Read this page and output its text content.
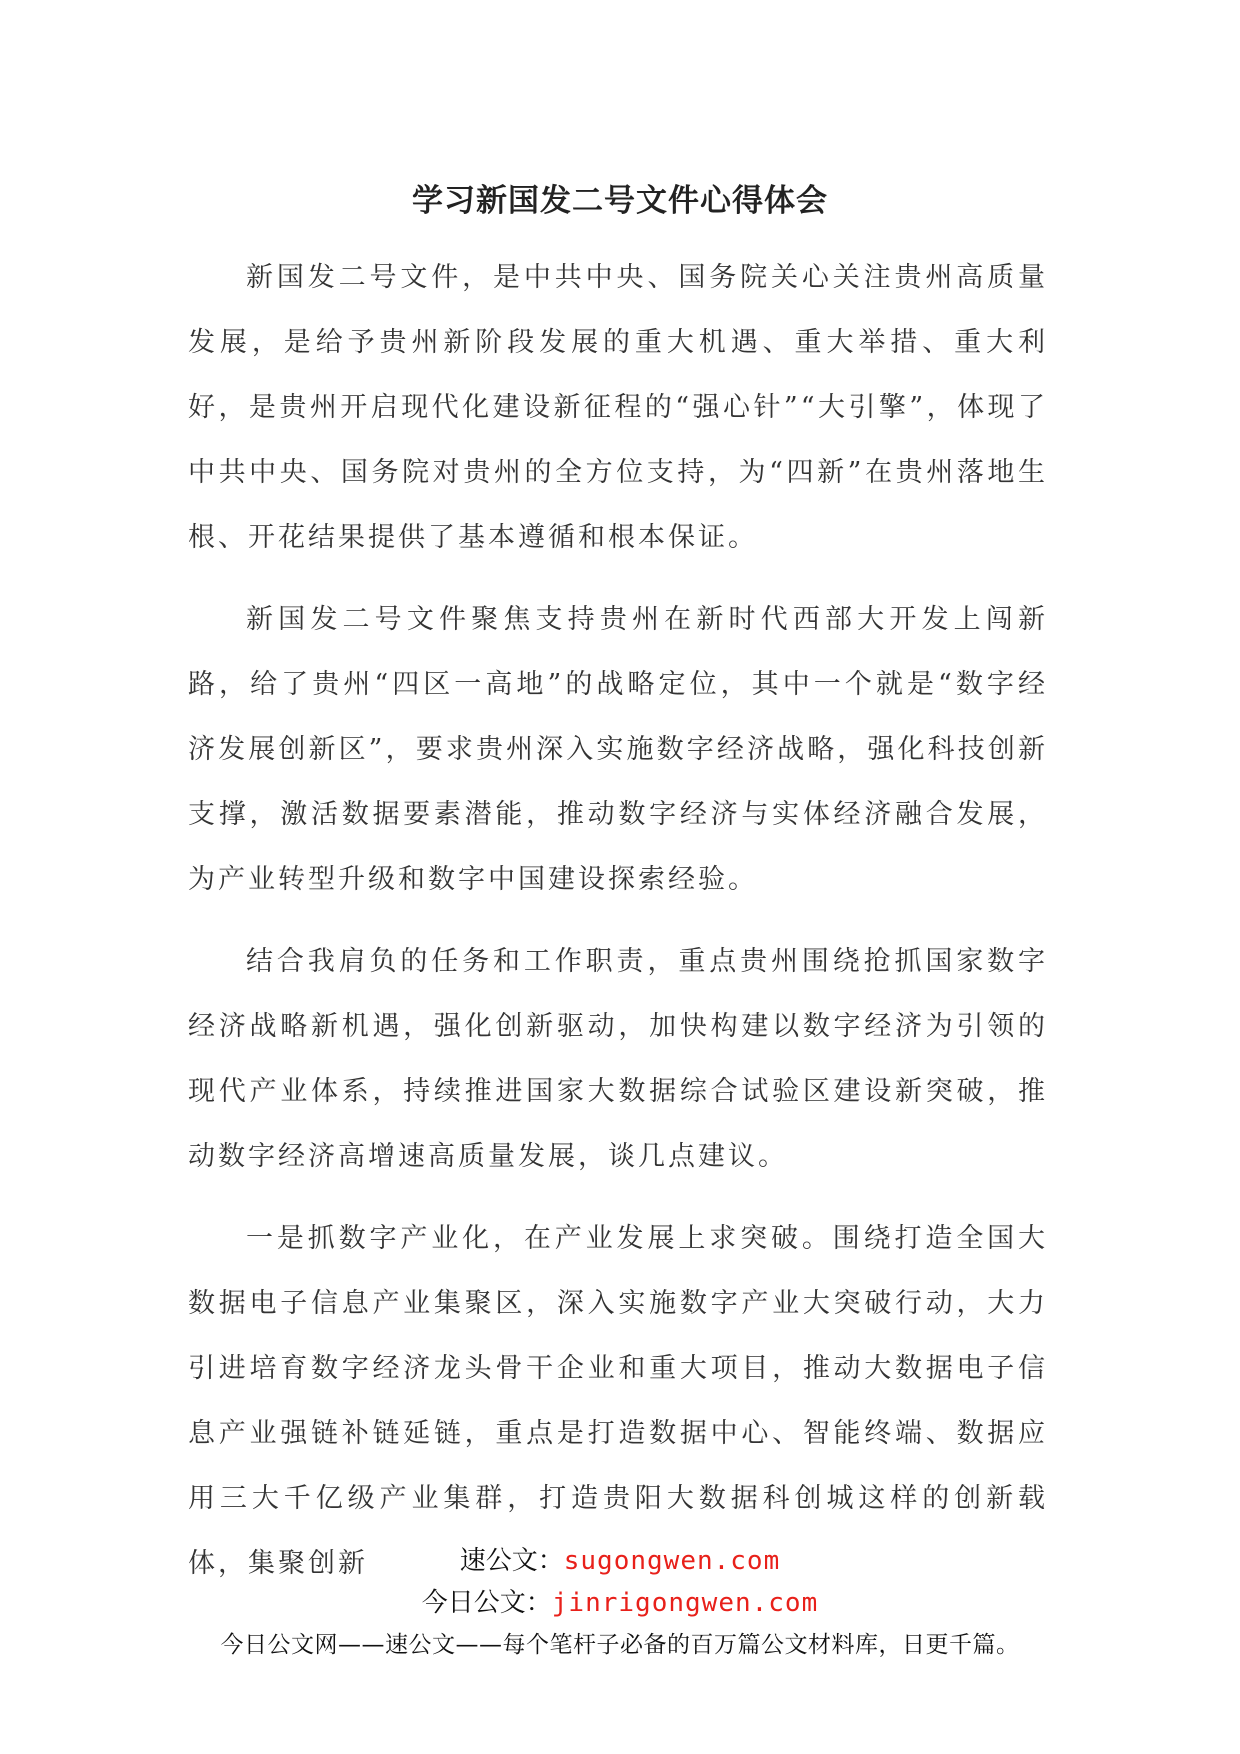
学习新国发二号文件心得体会

新国发二号文件，是中共中央、国务院关心关注贵州高质量发展，是给予贵州新阶段发展的重大机遇、重大举措、重大利好，是贵州开启现代化建设新征程的“强心针”“大引擎”，体现了中共中央、国务院对贵州的全方位支持，为“四新”在贵州落地生根、开花结果提供了基本遵循和根本保证。

新国发二号文件聚焦支持贵州在新时代西部大开发上闯新路，给了贵州“四区一高地”的战略定位，其中一个就是“数字经济发展创新区”，要求贵州深入实施数字经济战略，强化科技创新支撑，激活数据要素潜能，推动数字经济与实体经济融合发展，为产业转型升级和数字中国建设探索经验。

结合我肩负的任务和工作职责，重点贵州围绕抢抓国家数字经济战略新机遇，强化创新驱动，加快构建以数字经济为引领的现代产业体系，持续推进国家大数据综合试验区建设新突破，推动数字经济高增速高质量发展，谈几点建议。

一是抓数字产业化，在产业发展上求突破。围绕打造全国大数据电子信息产业集聚区，深入实施数字产业大突破行动，大力引进培育数字经济龙头骨干企业和重大项目，推动大数据电子信息产业强链补链延链，重点是打造数据中心、智能终端、数据应用三大千亿级产业集群，打造贵阳大数据科创城这样的创新载体，集聚创新	速公文：sugongwen.com
今日公文：jinrigongwen.com
今日公文网——速公文——每个笔杆子必备的百万篇公文材料库，日更千篇。
